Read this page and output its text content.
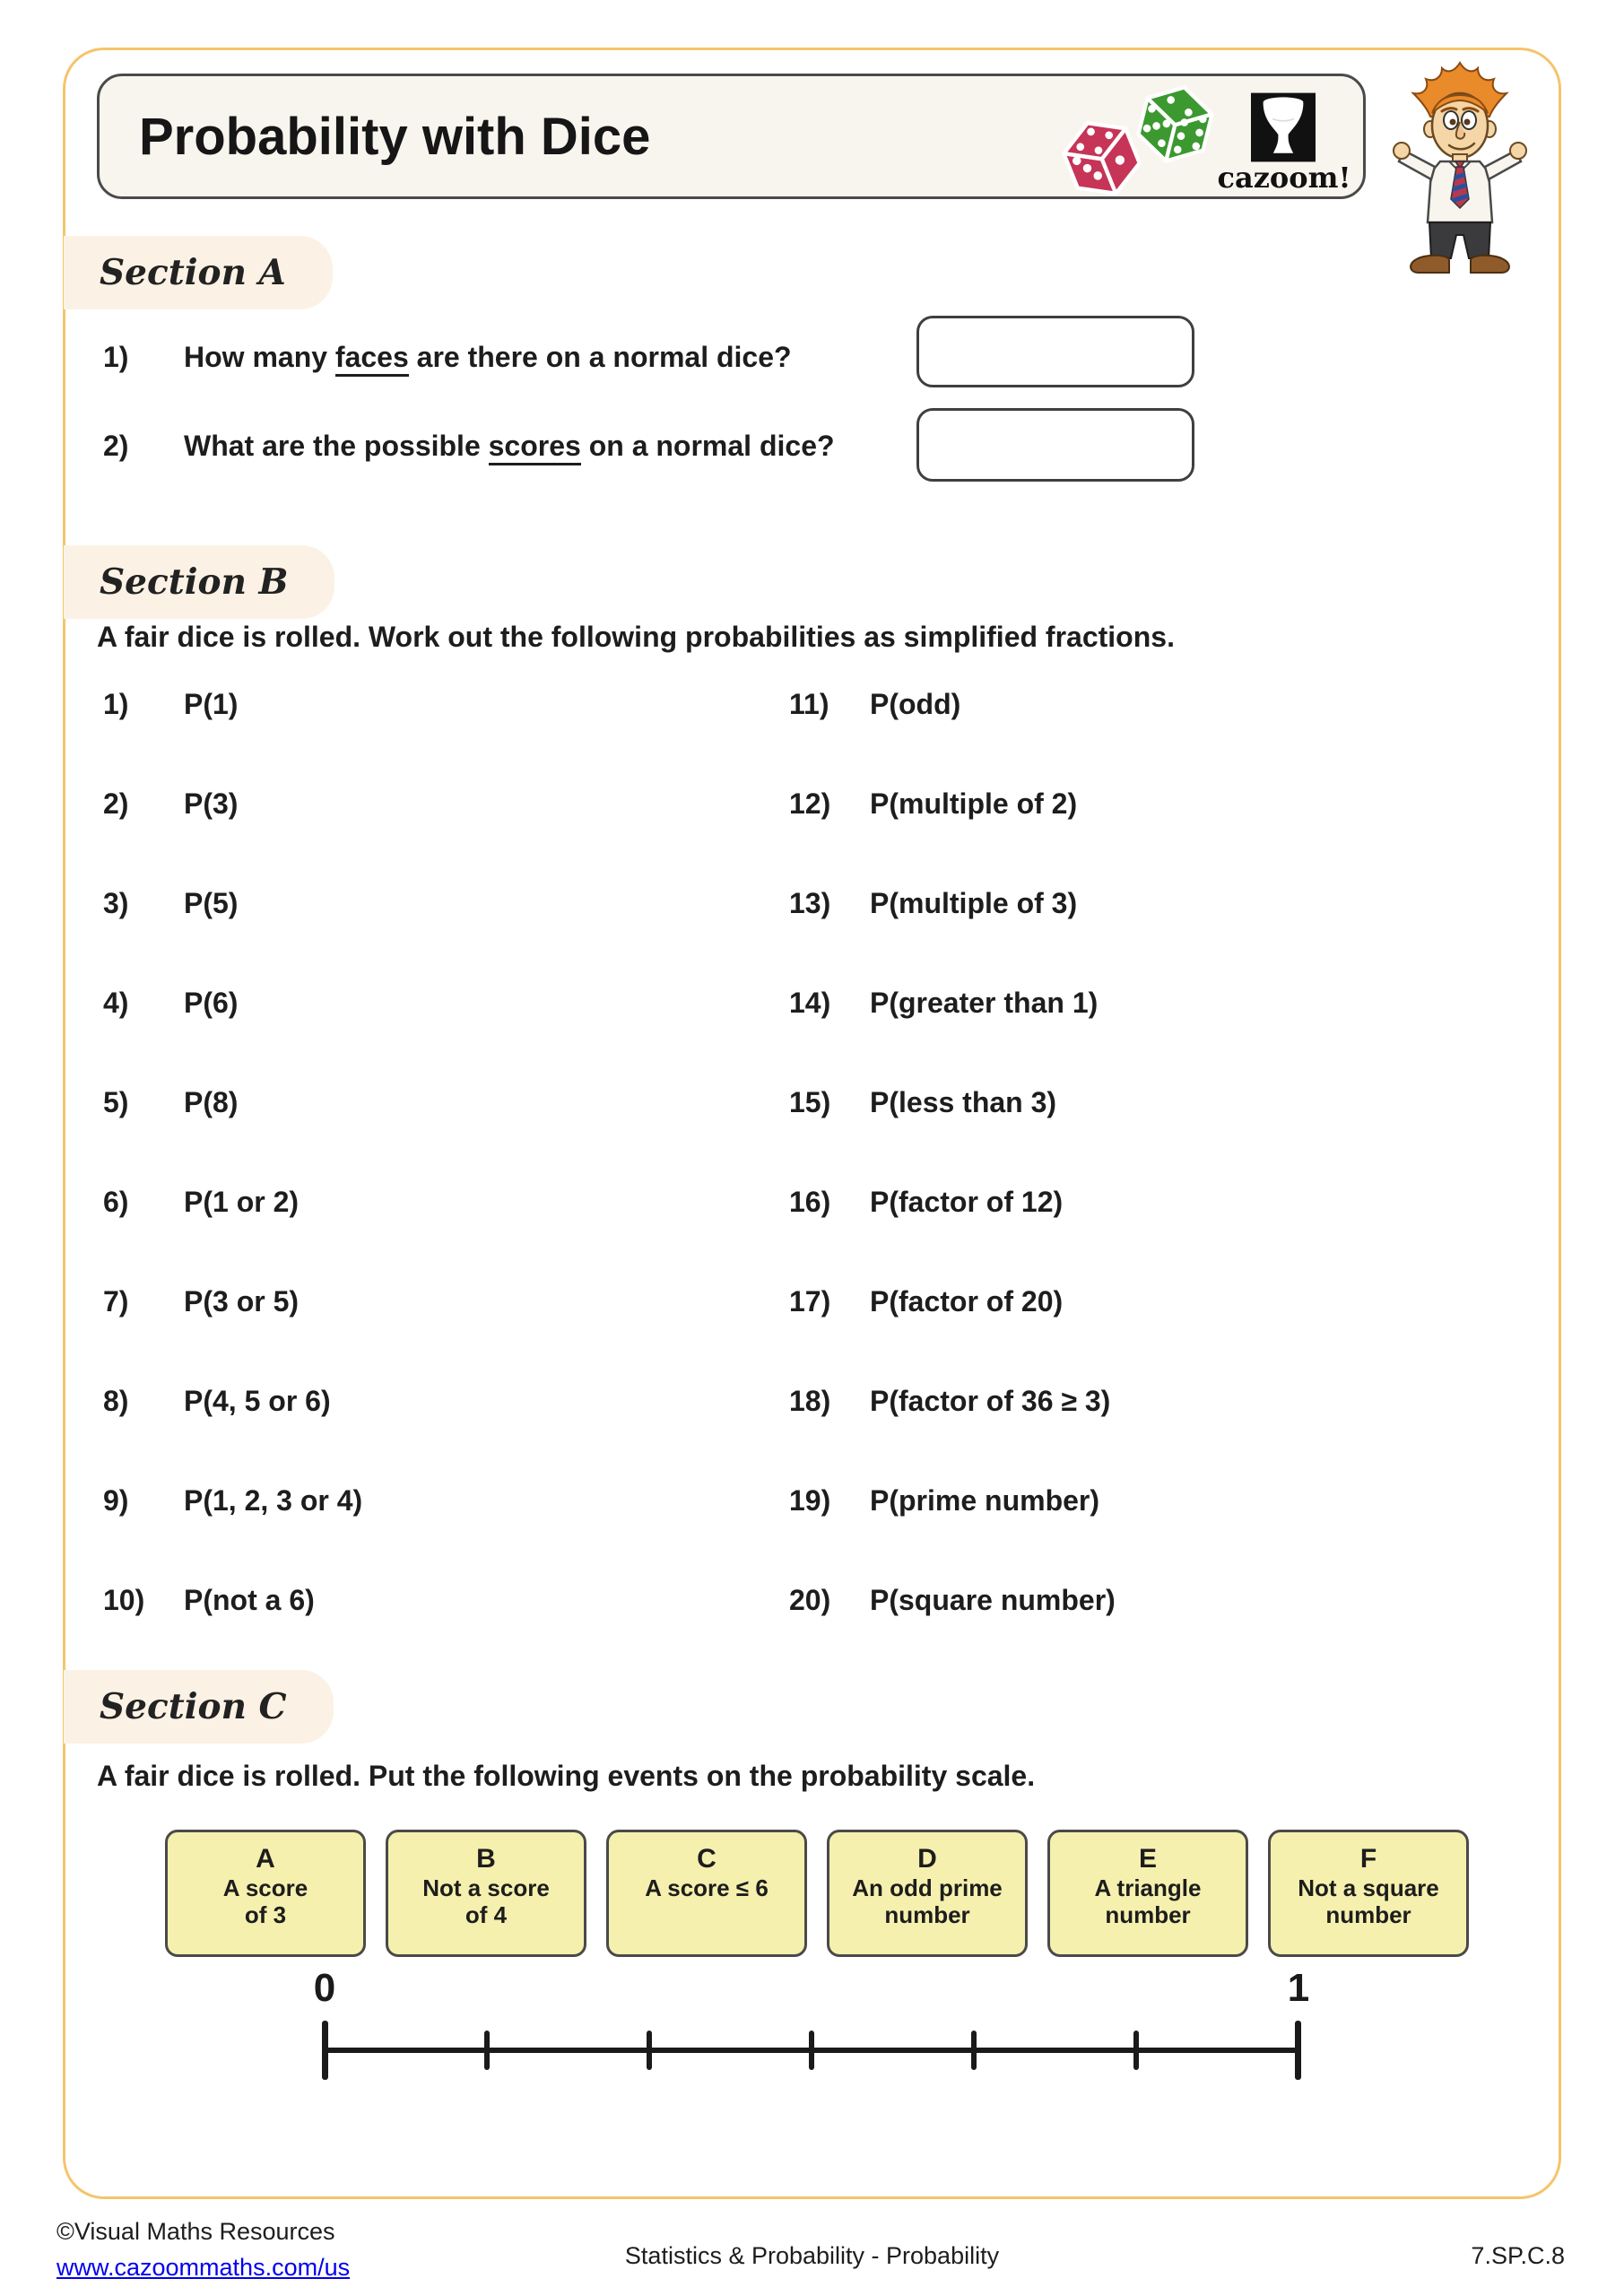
Probability with Dice
cazoom!
Section A
1)	How many faces are there on a normal dice?
2)	What are the possible scores on a normal dice?
Section B
A fair dice is rolled. Work out the following probabilities as simplified fractions.
1)	P(1)
2)	P(3)
3)	P(5)
4)	P(6)
5)	P(8)
6)	P(1 or 2)
7)	P(3 or 5)
8)	P(4, 5 or 6)
9)	P(1, 2, 3 or 4)
10)	P(not a 6)
11)	P(odd)
12)	P(multiple of 2)
13)	P(multiple of 3)
14)	P(greater than 1)
15)	P(less than 3)
16)	P(factor of 12)
17)	P(factor of 20)
18)	P(factor of 36 ≥ 3)
19)	P(prime number)
20)	P(square number)
Section C
A fair dice is rolled. Put the following events on the probability scale.
A
A score
of 3
B
Not a score
of 4
C
A score ≤ 6
D
An odd prime
number
E
A triangle
number
F
Not a square
number
0	1
©Visual Maths Resources
www.cazoommaths.com/us	Statistics & Probability - Probability	7.SP.C.8
